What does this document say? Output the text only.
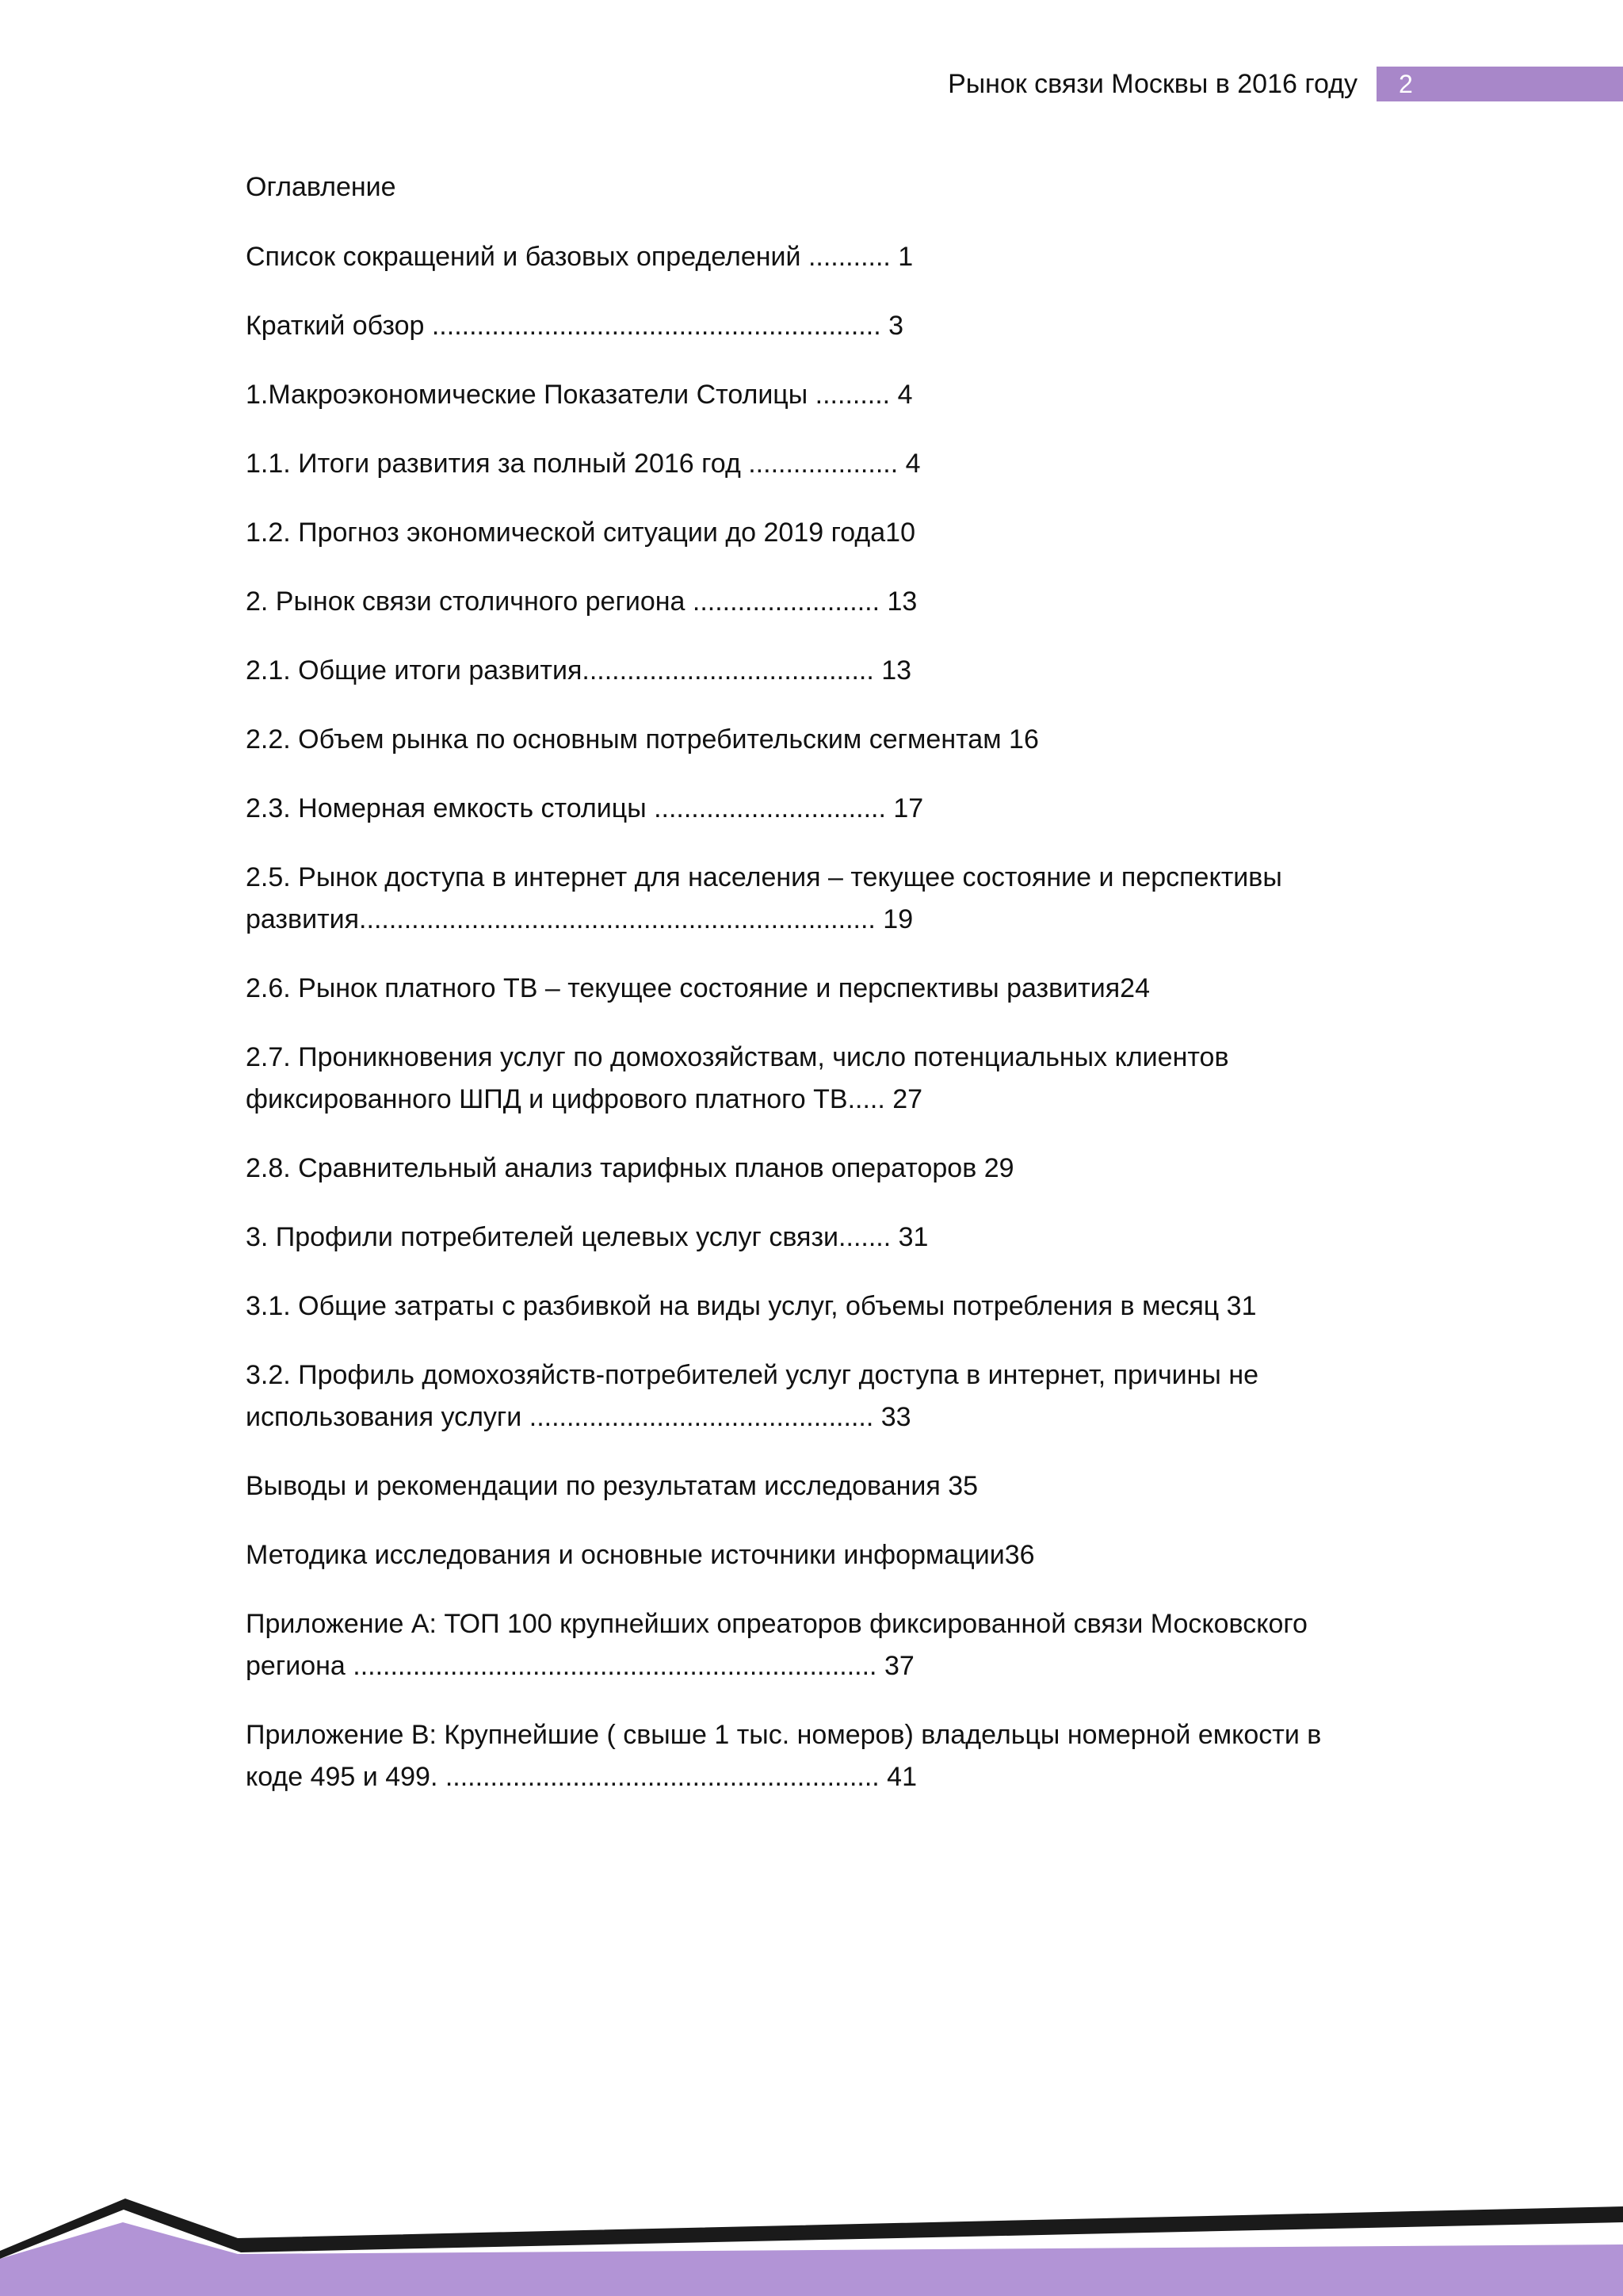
Рынок связи Москвы в 2016 году 2
Оглавление
Список сокращений и базовых определений ........... 1
Краткий обзор ............................................................ 3
1.Макроэкономические Показатели Столицы .......... 4
1.1. Итоги развития за полный 2016 год .................... 4
1.2. Прогноз экономической ситуации до 2019 года10
2. Рынок связи столичного региона ......................... 13
2.1. Общие итоги развития....................................... 13
2.2. Объем рынка по основным потребительским сегментам 16
2.3. Номерная емкость столицы ............................... 17
2.5. Рынок доступа в интернет для населения – текущее состояние и перспективы
развития..................................................................... 19
2.6. Рынок платного ТВ – текущее состояние и перспективы развития24
2.7. Проникновения услуг по домохозяйствам, число потенциальных клиентов
фиксированного ШПД и цифрового платного ТВ..... 27
2.8. Сравнительный анализ тарифных планов операторов 29
3. Профили потребителей целевых услуг связи....... 31
3.1. Общие затраты с разбивкой на виды услуг, объемы потребления в месяц 31
3.2. Профиль домохозяйств-потребителей услуг доступа в интернет, причины не
использования услуги .............................................. 33
Выводы и рекомендации по результатам исследования 35
Методика исследования и основные источники информации36
Приложение А: ТОП 100 крупнейших опреаторов фиксированной связи Московского
региона ...................................................................... 37
Приложение В: Крупнейшие ( свыше 1 тыс. номеров) владельцы номерной емкости в
коде 495 и 499. .......................................................... 41
